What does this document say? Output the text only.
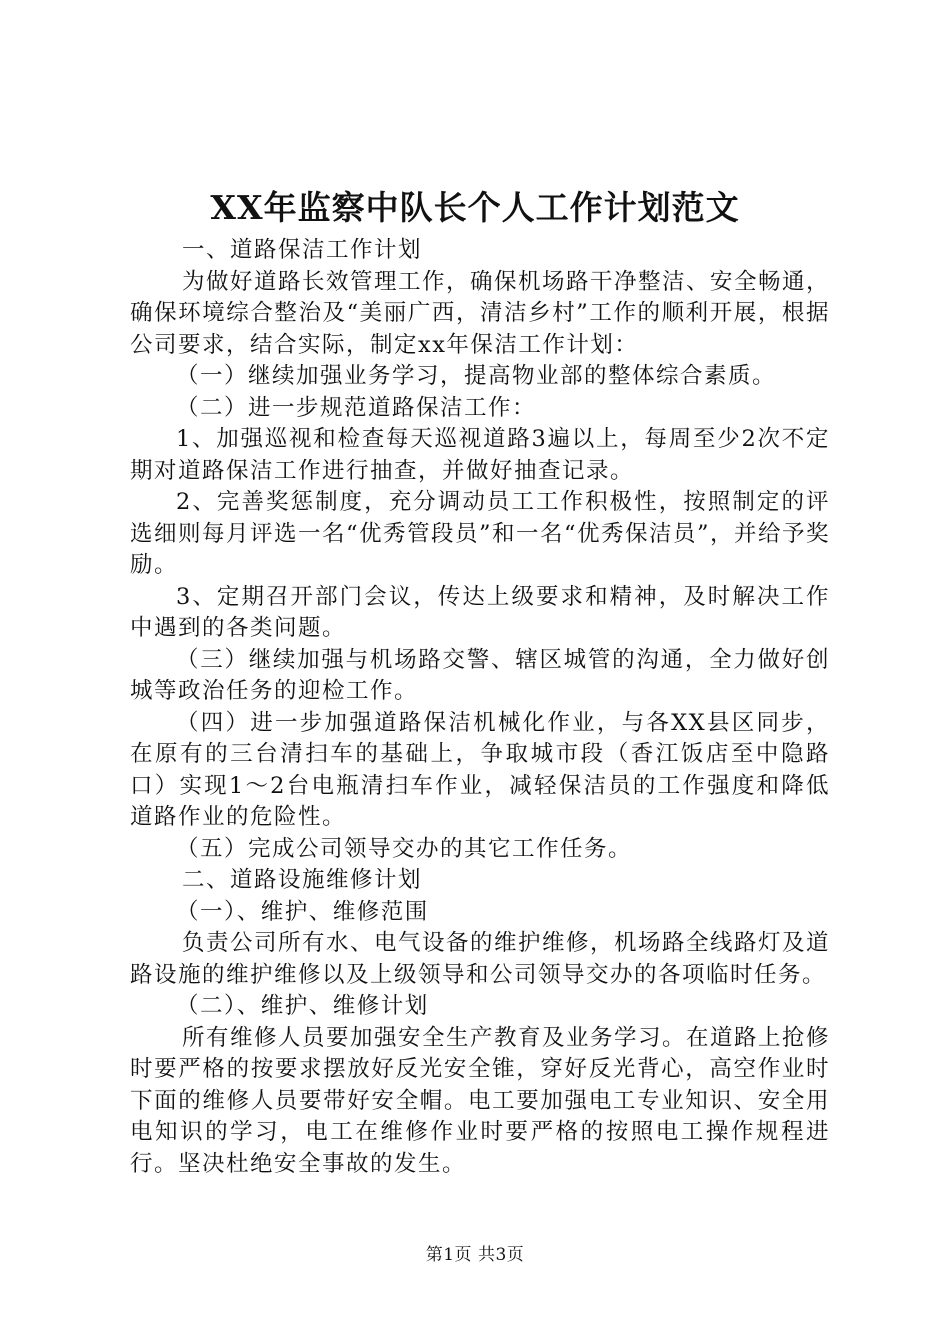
XX年监察中队长个人工作计划范文

一、道路保洁工作计划

为做好道路长效管理工作，确保机场路干净整洁、安全畅通，确保环境综合整治及“美丽广西，清洁乡村”工作的顺利开展，根据公司要求，结合实际，制定xx年保洁工作计划：

（一）继续加强业务学习，提高物业部的整体综合素质。

（二）进一步规范道路保洁工作：

1、加强巡视和检查每天巡视道路3遍以上，每周至少2次不定期对道路保洁工作进行抽查，并做好抽查记录。

2、完善奖惩制度，充分调动员工工作积极性，按照制定的评选细则每月评选一名“优秀管段员”和一名“优秀保洁员”，并给予奖励。

3、定期召开部门会议，传达上级要求和精神，及时解决工作中遇到的各类问题。

（三）继续加强与机场路交警、辖区城管的沟通，全力做好创城等政治任务的迎检工作。

（四）进一步加强道路保洁机械化作业，与各XX县区同步，在原有的三台清扫车的基础上，争取城市段（香江饭店至中隐路口）实现1～2台电瓶清扫车作业，减轻保洁员的工作强度和降低道路作业的危险性。

（五）完成公司领导交办的其它工作任务。

二、道路设施维修计划

（一）、维护、维修范围

负责公司所有水、电气设备的维护维修，机场路全线路灯及道路设施的维护维修以及上级领导和公司领导交办的各项临时任务。

（二）、维护、维修计划

所有维修人员要加强安全生产教育及业务学习。在道路上抢修时要严格的按要求摆放好反光安全锥，穿好反光背心，高空作业时下面的维修人员要带好安全帽。电工要加强电工专业知识、安全用电知识的学习，电工在维修作业时要严格的按照电工操作规程进行。坚决杜绝安全事故的发生。

第1页 共3页
